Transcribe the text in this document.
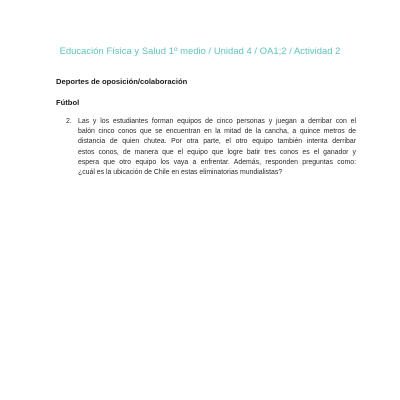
Educación Física y Salud 1º medio / Unidad 4 / OA1;2 / Actividad 2
Deportes de oposición/colaboración
Fútbol
2. Las y los estudiantes forman equipos de cinco personas y juegan a derribar con el
balón cinco conos que se encuentran en la mitad de la cancha, a quince metros de
distancia de quien chutea. Por otra parte, el otro equipo también intenta derribar
estos conos, de manera que el equipo que logre batir tres conos es el ganador y
espera que otro equipo los vaya a enfrentar. Además, responden preguntas como:
¿cuál es la ubicación de Chile en estas eliminatorias mundialistas?
